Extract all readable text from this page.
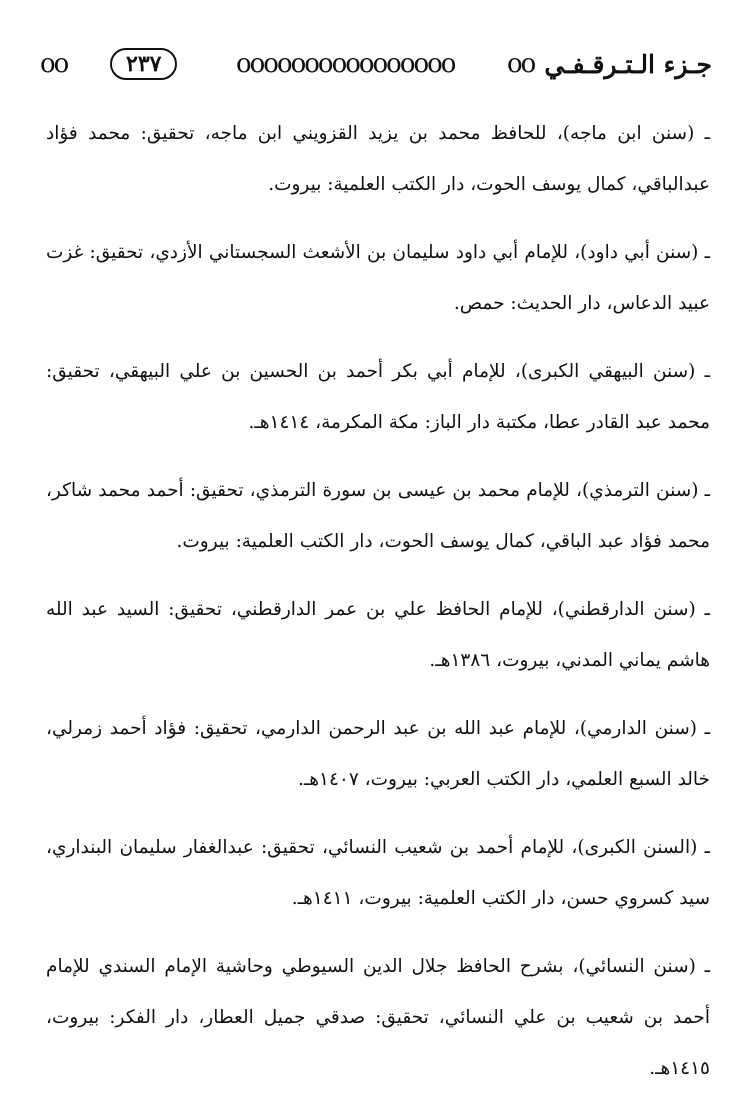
ᴏᴏ	٢٣٧	ᴏᴏᴏᴏᴏᴏᴏᴏᴏᴏᴏᴏᴏᴏᴏᴏ	ᴏᴏ جـزء الـتـرقـفـي

ـ (سنن ابن ماجه)، للحافظ محمد بن يزيد القزويني ابن ماجه، تحقيق: محمد فؤاد عبدالباقي، كمال يوسف الحوت، دار الكتب العلمية: بيروت.

ـ (سنن أبي داود)، للإمام أبي داود سليمان بن الأشعث السجستاني الأزدي، تحقيق: غزت عبيد الدعاس، دار الحديث: حمص.

ـ (سنن البيهقي الكبرى)، للإمام أبي بكر أحمد بن الحسين بن علي البيهقي، تحقيق: محمد عبد القادر عطا، مكتبة دار الباز: مكة المكرمة، ١٤١٤هـ.

ـ (سنن الترمذي)، للإمام محمد بن عيسى بن سورة الترمذي، تحقيق: أحمد محمد شاكر، محمد فؤاد عبد الباقي، كمال يوسف الحوت، دار الكتب العلمية: بيروت.

ـ (سنن الدارقطني)، للإمام الحافظ علي بن عمر الدارقطني، تحقيق: السيد عبد الله هاشم يماني المدني، بيروت، ١٣٨٦هـ.

ـ (سنن الدارمي)، للإمام عبد الله بن عبد الرحمن الدارمي، تحقيق: فؤاد أحمد زمرلي، خالد السبع العلمي، دار الكتب العربي: بيروت، ١٤٠٧هـ.

ـ (السنن الكبرى)، للإمام أحمد بن شعيب النسائي، تحقيق: عبدالغفار سليمان البنداري، سيد كسروي حسن، دار الكتب العلمية: بيروت، ١٤١١هـ.

ـ (سنن النسائي)، بشرح الحافظ جلال الدين السيوطي وحاشية الإمام السندي للإمام أحمد بن شعيب بن علي النسائي، تحقيق: صدقي جميل العطار، دار الفكر: بيروت، ١٤١٥هـ.
